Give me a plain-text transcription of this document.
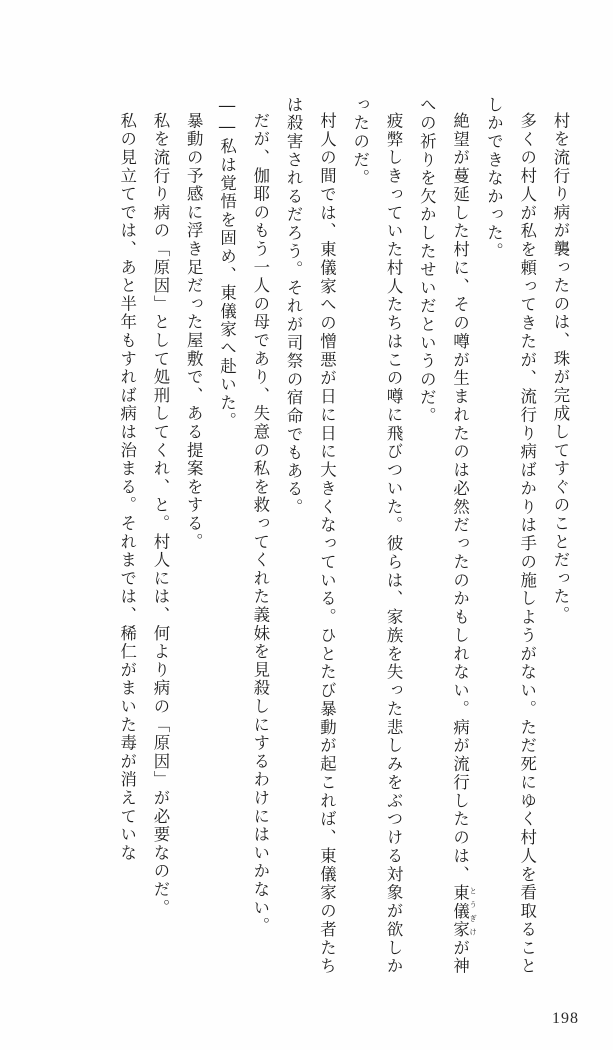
村を流行り病が襲ったのは、珠が完成してすぐのことだった。

多くの村人が私を頼ってきたが、流行り病ばかりは手の施しようがない。ただ死にゆく村人を看取ることしかできなかった。

絶望が蔓延した村に、その噂が生まれたのは必然だったのかもしれない。病が流行したのは、東儀家 とうぎけが神への祈りを欠かしたせいだというのだ。

疲弊しきっていた村人たちはこの噂に飛びついた。彼らは、家族を失った悲しみをぶつける対象が欲しかったのだ。

村人の間では、東儀家への憎悪が日に日に大きくなっている。ひとたび暴動が起これば、東儀家の者たちは殺害されるだろう。それが司祭の宿命でもある。

だが、伽耶のもう一人の母であり、失意の私を救ってくれた義妹を見殺しにするわけにはいかない。

――私は覚悟を固め、東儀家へ赴いた。

暴動の予感に浮き足だった屋敷で、ある提案をする。

私を流行り病の「原因」として処刑してくれ、と。村人には、何より病の「原因」が必要なのだ。

私の見立てでは、あと半年もすれば病は治まる。それまでは、稀仁がまいた毒が消えていな

198
